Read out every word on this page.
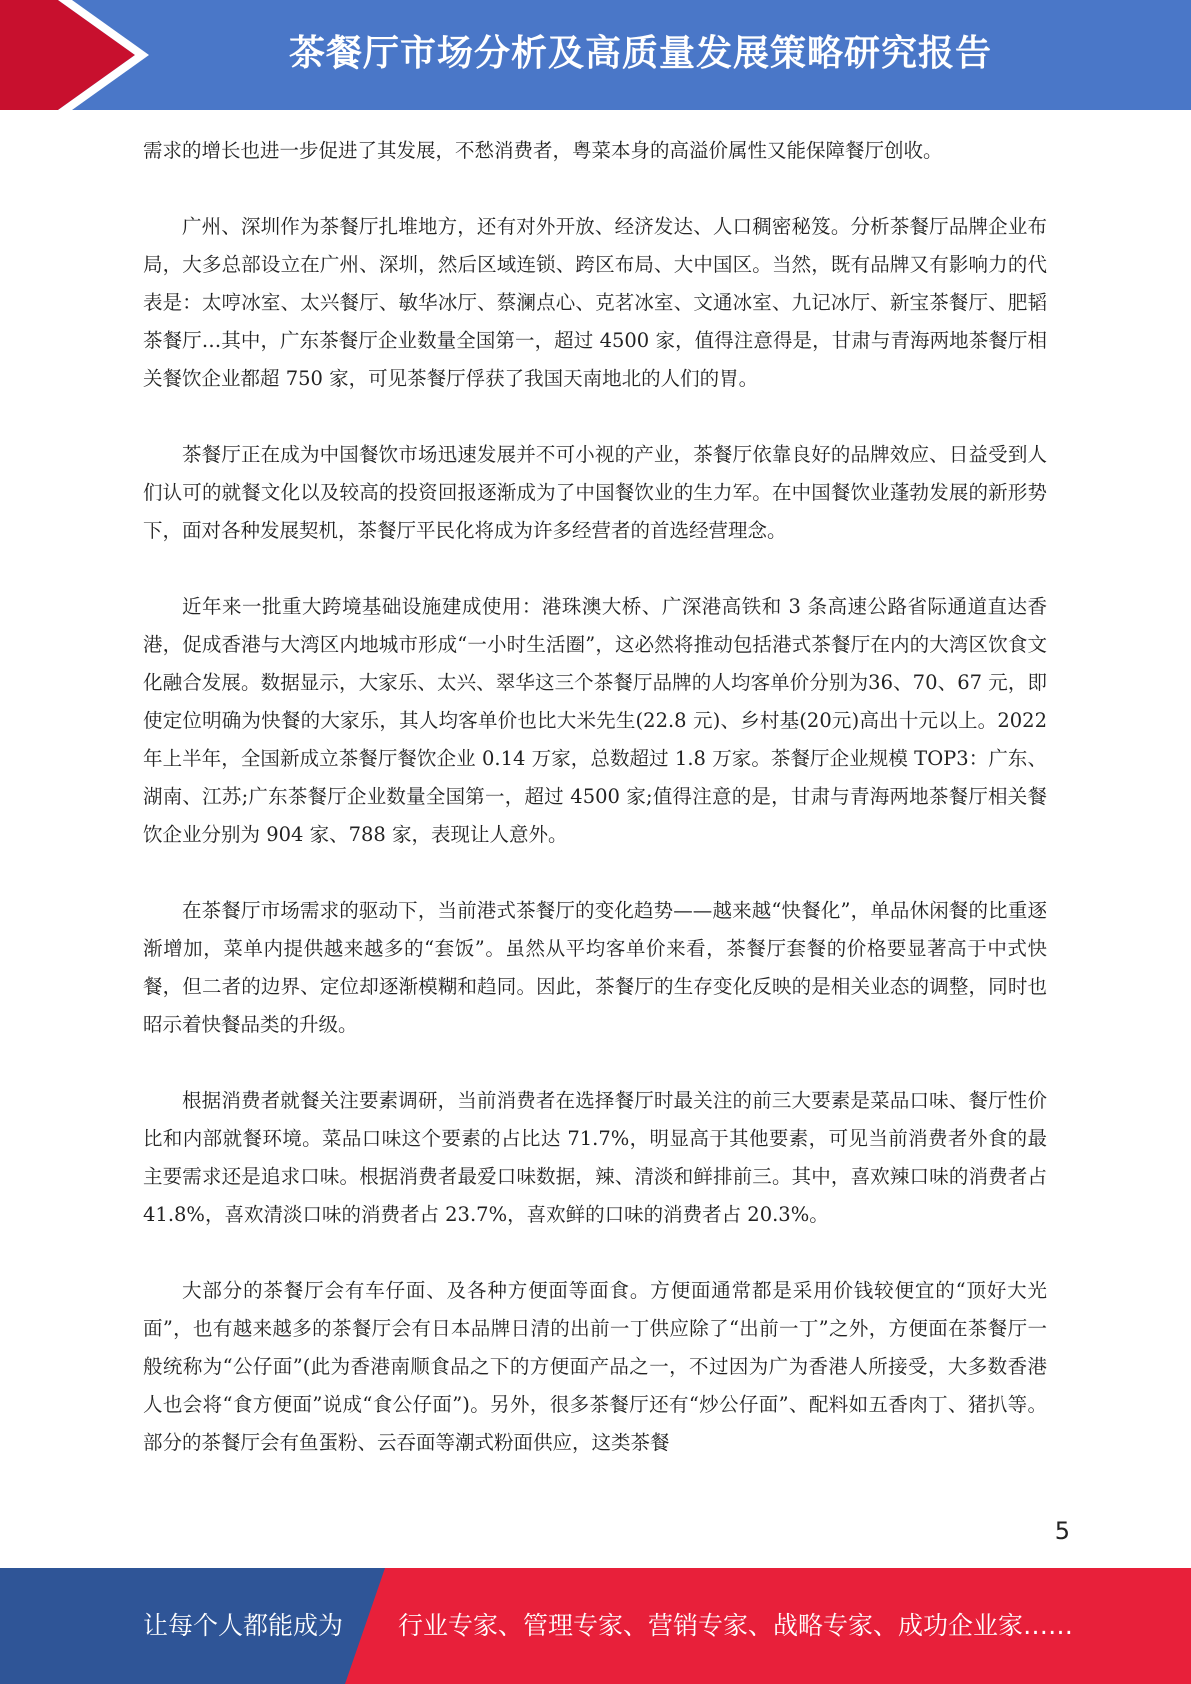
茶餐厅市场分析及高质量发展策略研究报告

需求的增长也进一步促进了其发展，不愁消费者，粤菜本身的高溢价属性又能保障餐厅创收。

广州、深圳作为茶餐厅扎堆地方，还有对外开放、经济发达、人口稠密秘笈。分析茶餐厅品牌企业布局，大多总部设立在广州、深圳，然后区域连锁、跨区布局、大中国区。当然，既有品牌又有影响力的代表是：太哼冰室、太兴餐厅、敏华冰厅、蔡澜点心、克茗冰室、文通冰室、九记冰厅、新宝茶餐厅、肥韬茶餐厅…其中，广东茶餐厅企业数量全国第一，超过 4500 家，值得注意得是，甘肃与青海两地茶餐厅相关餐饮企业都超 750 家，可见茶餐厅俘获了我国天南地北的人们的胃。

茶餐厅正在成为中国餐饮市场迅速发展并不可小视的产业，茶餐厅依靠良好的品牌效应、日益受到人们认可的就餐文化以及较高的投资回报逐渐成为了中国餐饮业的生力军。在中国餐饮业蓬勃发展的新形势下，面对各种发展契机，茶餐厅平民化将成为许多经营者的首选经营理念。

近年来一批重大跨境基础设施建成使用：港珠澳大桥、广深港高铁和 3 条高速公路省际通道直达香港，促成香港与大湾区内地城市形成“一小时生活圈”，这必然将推动包括港式茶餐厅在内的大湾区饮食文化融合发展。数据显示，大家乐、太兴、翠华这三个茶餐厅品牌的人均客单价分别为36、70、67 元，即使定位明确为快餐的大家乐，其人均客单价也比大米先生(22.8 元)、乡村基(20元)高出十元以上。2022 年上半年，全国新成立茶餐厅餐饮企业 0.14 万家，总数超过 1.8 万家。茶餐厅企业规模 TOP3：广东、湖南、江苏;广东茶餐厅企业数量全国第一，超过 4500 家;值得注意的是，甘肃与青海两地茶餐厅相关餐饮企业分别为 904 家、788 家，表现让人意外。

在茶餐厅市场需求的驱动下，当前港式茶餐厅的变化趋势——越来越“快餐化”，单品休闲餐的比重逐渐增加，菜单内提供越来越多的“套饭”。虽然从平均客单价来看，茶餐厅套餐的价格要显著高于中式快餐，但二者的边界、定位却逐渐模糊和趋同。因此，茶餐厅的生存变化反映的是相关业态的调整，同时也昭示着快餐品类的升级。

根据消费者就餐关注要素调研，当前消费者在选择餐厅时最关注的前三大要素是菜品口味、餐厅性价比和内部就餐环境。菜品口味这个要素的占比达 71.7%，明显高于其他要素，可见当前消费者外食的最主要需求还是追求口味。根据消费者最爱口味数据，辣、清淡和鲜排前三。其中，喜欢辣口味的消费者占 41.8%，喜欢清淡口味的消费者占 23.7%，喜欢鲜的口味的消费者占 20.3%。

大部分的茶餐厅会有车仔面、及各种方便面等面食。方便面通常都是采用价钱较便宜的“顶好大光面”，也有越来越多的茶餐厅会有日本品牌日清的出前一丁供应除了“出前一丁”之外，方便面在茶餐厅一般统称为“公仔面”(此为香港南顺食品之下的方便面产品之一，不过因为广为香港人所接受，大多数香港人也会将“食方便面”说成“食公仔面”)。另外，很多茶餐厅还有“炒公仔面”、配料如五香肉丁、猪扒等。部分的茶餐厅会有鱼蛋粉、云吞面等潮式粉面供应，这类茶餐

5
让每个人都能成为 行业专家、管理专家、营销专家、战略专家、成功企业家……
